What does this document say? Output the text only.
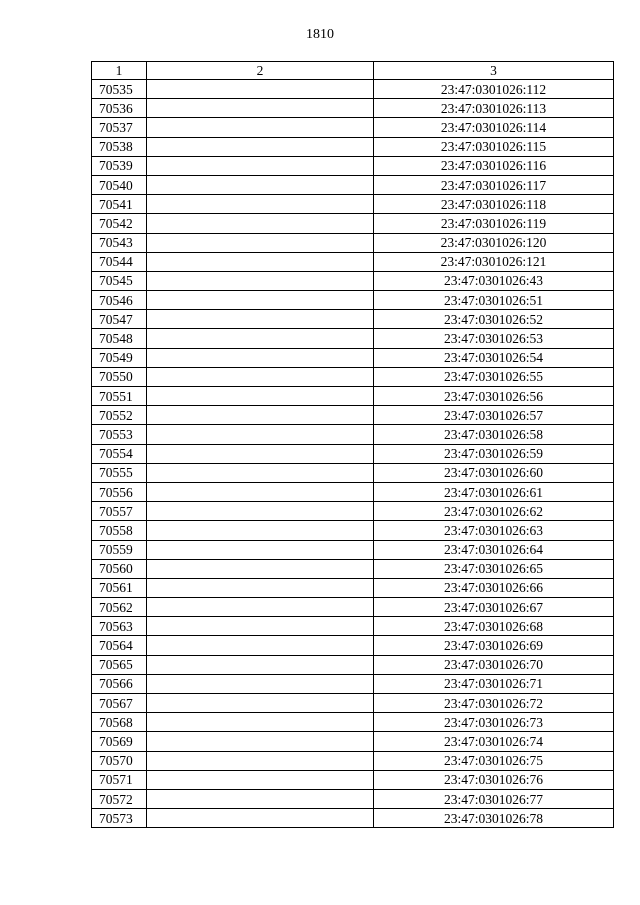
1810
1	2	3
70535		23:47:0301026:112
70536		23:47:0301026:113
70537		23:47:0301026:114
70538		23:47:0301026:115
70539		23:47:0301026:116
70540		23:47:0301026:117
70541		23:47:0301026:118
70542		23:47:0301026:119
70543		23:47:0301026:120
70544		23:47:0301026:121
70545		23:47:0301026:43
70546		23:47:0301026:51
70547		23:47:0301026:52
70548		23:47:0301026:53
70549		23:47:0301026:54
70550		23:47:0301026:55
70551		23:47:0301026:56
70552		23:47:0301026:57
70553		23:47:0301026:58
70554		23:47:0301026:59
70555		23:47:0301026:60
70556		23:47:0301026:61
70557		23:47:0301026:62
70558		23:47:0301026:63
70559		23:47:0301026:64
70560		23:47:0301026:65
70561		23:47:0301026:66
70562		23:47:0301026:67
70563		23:47:0301026:68
70564		23:47:0301026:69
70565		23:47:0301026:70
70566		23:47:0301026:71
70567		23:47:0301026:72
70568		23:47:0301026:73
70569		23:47:0301026:74
70570		23:47:0301026:75
70571		23:47:0301026:76
70572		23:47:0301026:77
70573		23:47:0301026:78
